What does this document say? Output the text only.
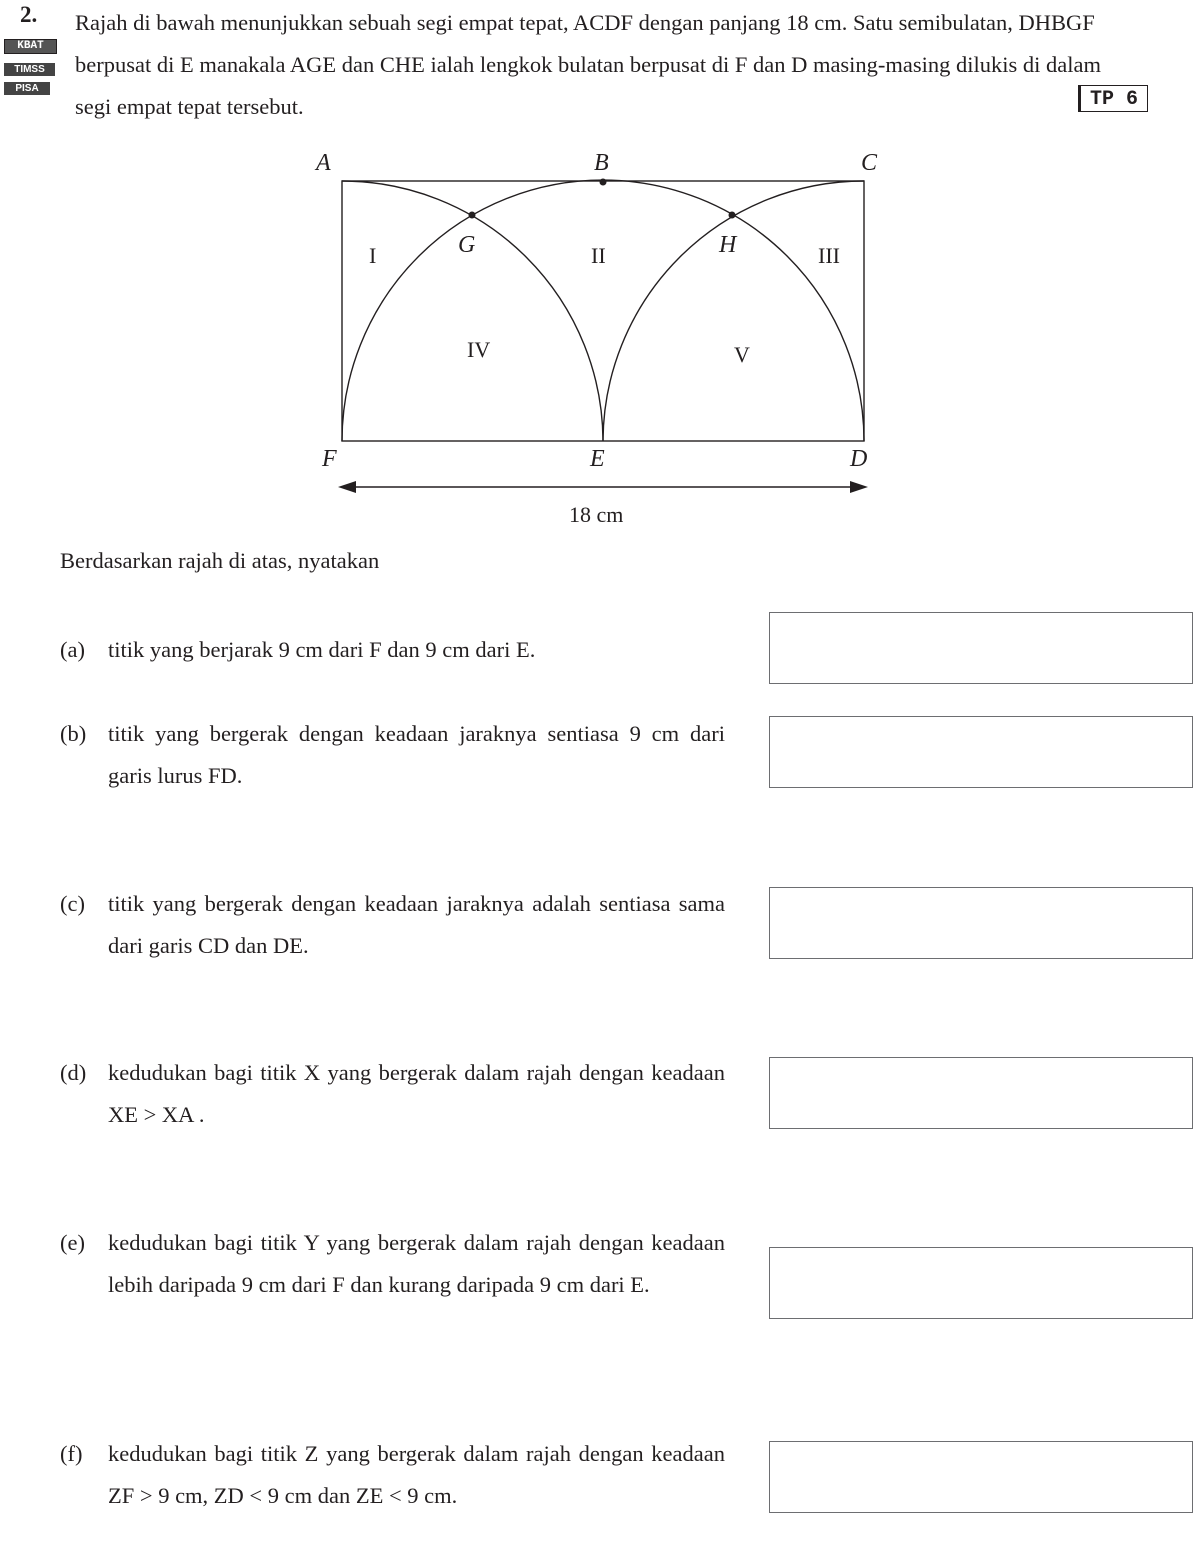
2.
KBAT
TIMSS
PISA
Rajah di bawah menunjukkan sebuah segi empat tepat, ACDF dengan panjang 18 cm. Satu semibulatan, DHBGF
berpusat di E manakala AGE dan CHE ialah lengkok bulatan berpusat di F dan D masing-masing dilukis di dalam
segi empat tepat tersebut.	TP 6
A	B	C
G	H
F	E	D
I	II	III
IV	V
18 cm
Berdasarkan rajah di atas, nyatakan
(a) titik yang berjarak 9 cm dari F dan 9 cm dari E.
(b) titik yang bergerak dengan keadaan jaraknya sentiasa 9 cm dari garis lurus FD.
(c) titik yang bergerak dengan keadaan jaraknya adalah sentiasa sama dari garis CD dan DE.
(d) kedudukan bagi titik X yang bergerak dalam rajah dengan keadaan XE > XA .
(e) kedudukan bagi titik Y yang bergerak dalam rajah dengan keadaan lebih daripada 9 cm dari F dan kurang daripada 9 cm dari E.
(f) kedudukan bagi titik Z yang bergerak dalam rajah dengan keadaan ZF > 9 cm, ZD < 9 cm dan ZE < 9 cm.
